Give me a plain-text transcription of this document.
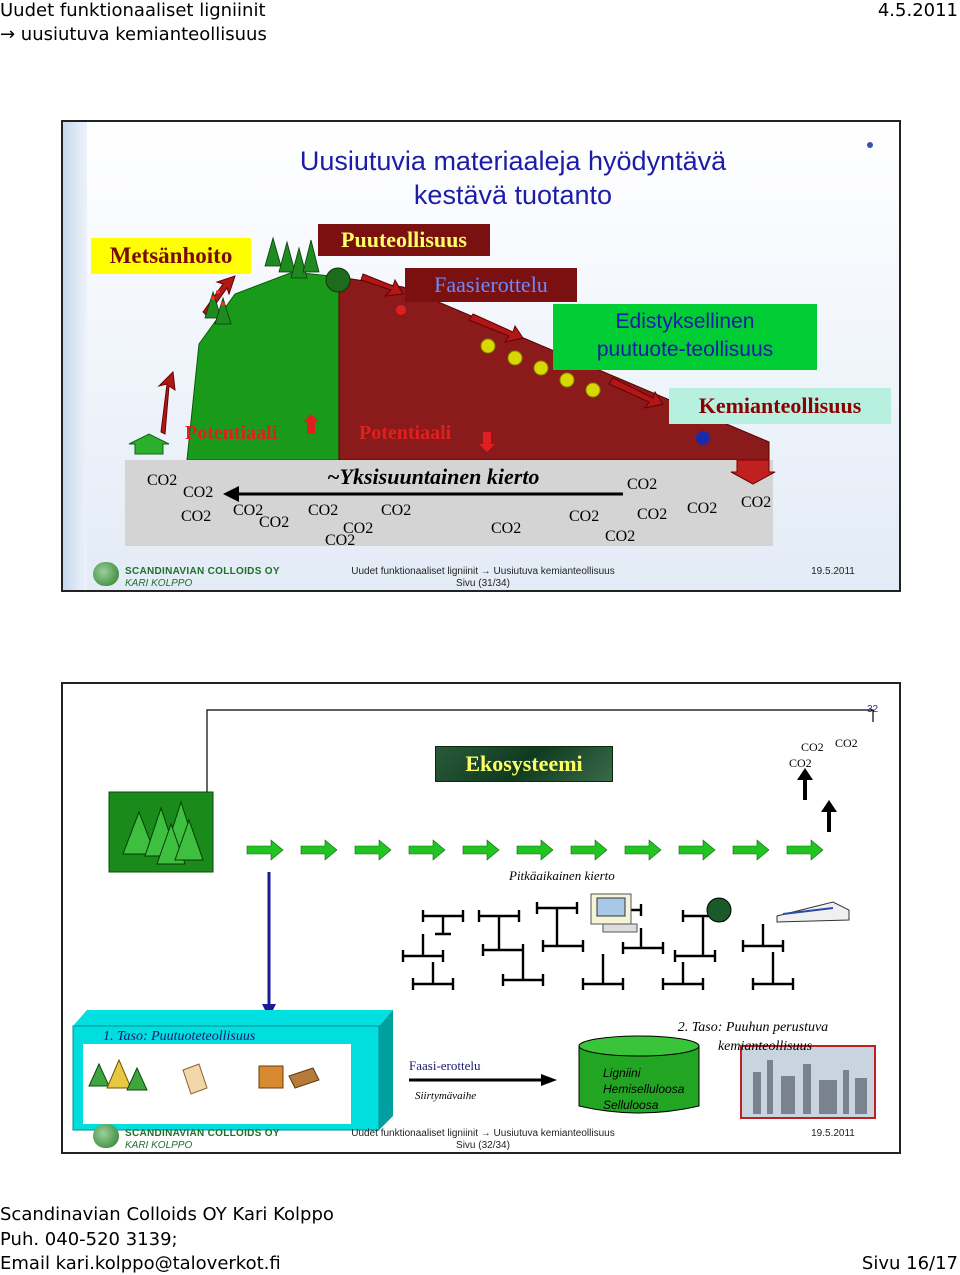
Uudet funktionaaliset ligniinit
→ uusiutuva kemianteollisuus
4.5.2011
Uusiutuvia materiaaleja hyödyntävä
kestävä tuotanto
Metsänhoito
Puuteollisuus
Faasierottelu
Edistyksellinen
puutuote-teollisuus
Kemianteollisuus
Potentiaali	Potentiaali
~Yksisuuntainen kierto
CO2
CO2
CO2 CO2
CO2
CO2
CO2
CO2
CO2
CO2
CO2
CO2
CO2
CO2 CO2 CO2
SCANDINAVIAN COLLOIDS OY
KARI KOLPPO
Uudet funktionaaliset ligniinit → Uusiutuva kemianteollisuus
Sivu (31/34)
19.5.2011
32
Ekosysteemi
CO2 CO2
CO2
Pitkäaikainen kierto
1. Taso: Puutuoteteollisuus
2. Taso: Puuhun perustuva
kemianteollisuus
Faasi-erottelu
Siirtymävaihe
Ligniini
Hemiselluloosa
Selluloosa
SCANDINAVIAN COLLOIDS OY
KARI KOLPPO
Uudet funktionaaliset ligniinit → Uusiutuva kemianteollisuus
Sivu (32/34)
19.5.2011
Scandinavian Colloids OY Kari Kolppo
Puh. 040-520 3139;
Email kari.kolppo@taloverkot.fi	Sivu 16/17
